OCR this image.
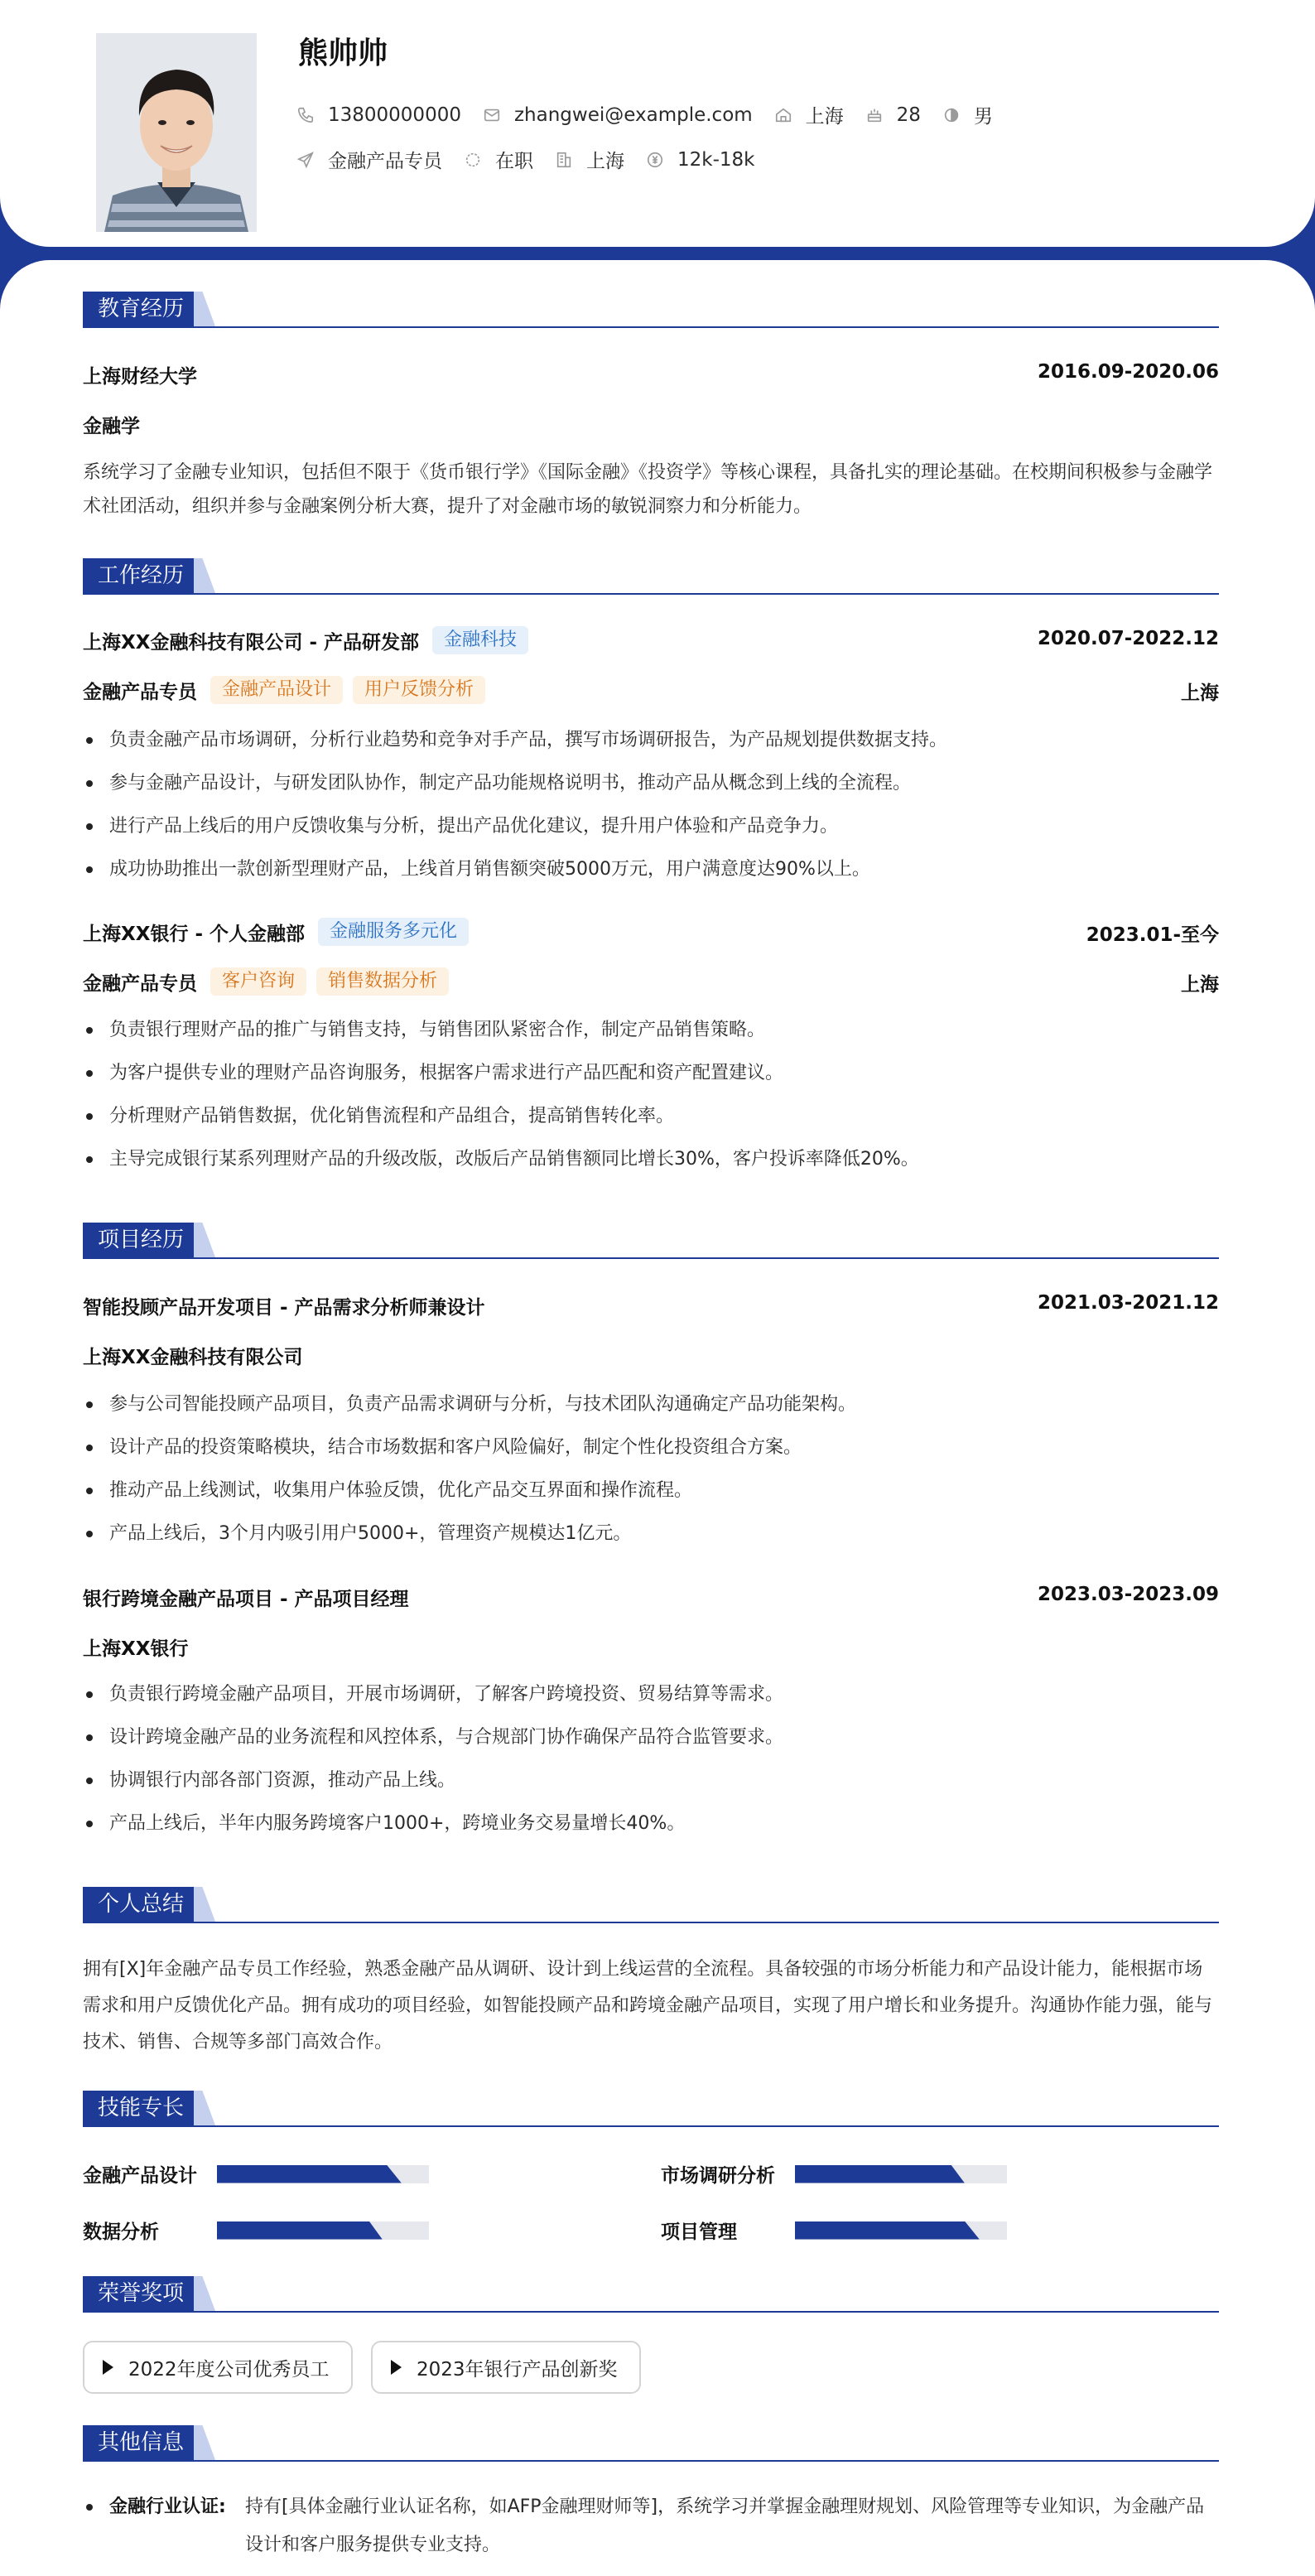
熊帅帅
13800000000	zhangwei@example.com	上海	28	男
金融产品专员	在职	上海	12k-18k
教育经历
上海财经大学	2016.09-2020.06
金融学
系统学习了金融专业知识，包括但不限于《货币银行学》《国际金融》《投资学》等核心课程，具备扎实的理论基础。在校期间积极参与金融学术社团活动，组织并参与金融案例分析大赛，提升了对金融市场的敏锐洞察力和分析能力。
工作经历
上海XX金融科技有限公司 - 产品研发部	金融科技	2020.07-2022.12
金融产品专员	金融产品设计	用户反馈分析	上海
负责金融产品市场调研，分析行业趋势和竞争对手产品，撰写市场调研报告，为产品规划提供数据支持。
参与金融产品设计，与研发团队协作，制定产品功能规格说明书，推动产品从概念到上线的全流程。
进行产品上线后的用户反馈收集与分析，提出产品优化建议，提升用户体验和产品竞争力。
成功协助推出一款创新型理财产品，上线首月销售额突破5000万元，用户满意度达90%以上。
上海XX银行 - 个人金融部	金融服务多元化	2023.01-至今
金融产品专员	客户咨询	销售数据分析	上海
负责银行理财产品的推广与销售支持，与销售团队紧密合作，制定产品销售策略。
为客户提供专业的理财产品咨询服务，根据客户需求进行产品匹配和资产配置建议。
分析理财产品销售数据，优化销售流程和产品组合，提高销售转化率。
主导完成银行某系列理财产品的升级改版，改版后产品销售额同比增长30%，客户投诉率降低20%。
项目经历
智能投顾产品开发项目 - 产品需求分析师兼设计	2021.03-2021.12
上海XX金融科技有限公司
参与公司智能投顾产品项目，负责产品需求调研与分析，与技术团队沟通确定产品功能架构。
设计产品的投资策略模块，结合市场数据和客户风险偏好，制定个性化投资组合方案。
推动产品上线测试，收集用户体验反馈，优化产品交互界面和操作流程。
产品上线后，3个月内吸引用户5000+，管理资产规模达1亿元。
银行跨境金融产品项目 - 产品项目经理	2023.03-2023.09
上海XX银行
负责银行跨境金融产品项目，开展市场调研，了解客户跨境投资、贸易结算等需求。
设计跨境金融产品的业务流程和风控体系，与合规部门协作确保产品符合监管要求。
协调银行内部各部门资源，推动产品上线。
产品上线后，半年内服务跨境客户1000+，跨境业务交易量增长40%。
个人总结
拥有[X]年金融产品专员工作经验，熟悉金融产品从调研、设计到上线运营的全流程。具备较强的市场分析能力和产品设计能力，能根据市场需求和用户反馈优化产品。拥有成功的项目经验，如智能投顾产品和跨境金融产品项目，实现了用户增长和业务提升。沟通协作能力强，能与技术、销售、合规等多部门高效合作。
技能专长
金融产品设计	市场调研分析
数据分析	项目管理
荣誉奖项
2022年度公司优秀员工	2023年银行产品创新奖
其他信息
金融行业认证: 持有[具体金融行业认证名称，如AFP金融理财师等]，系统学习并掌握金融理财规划、风险管理等专业知识，为金融产品设计和客户服务提供专业支持。
